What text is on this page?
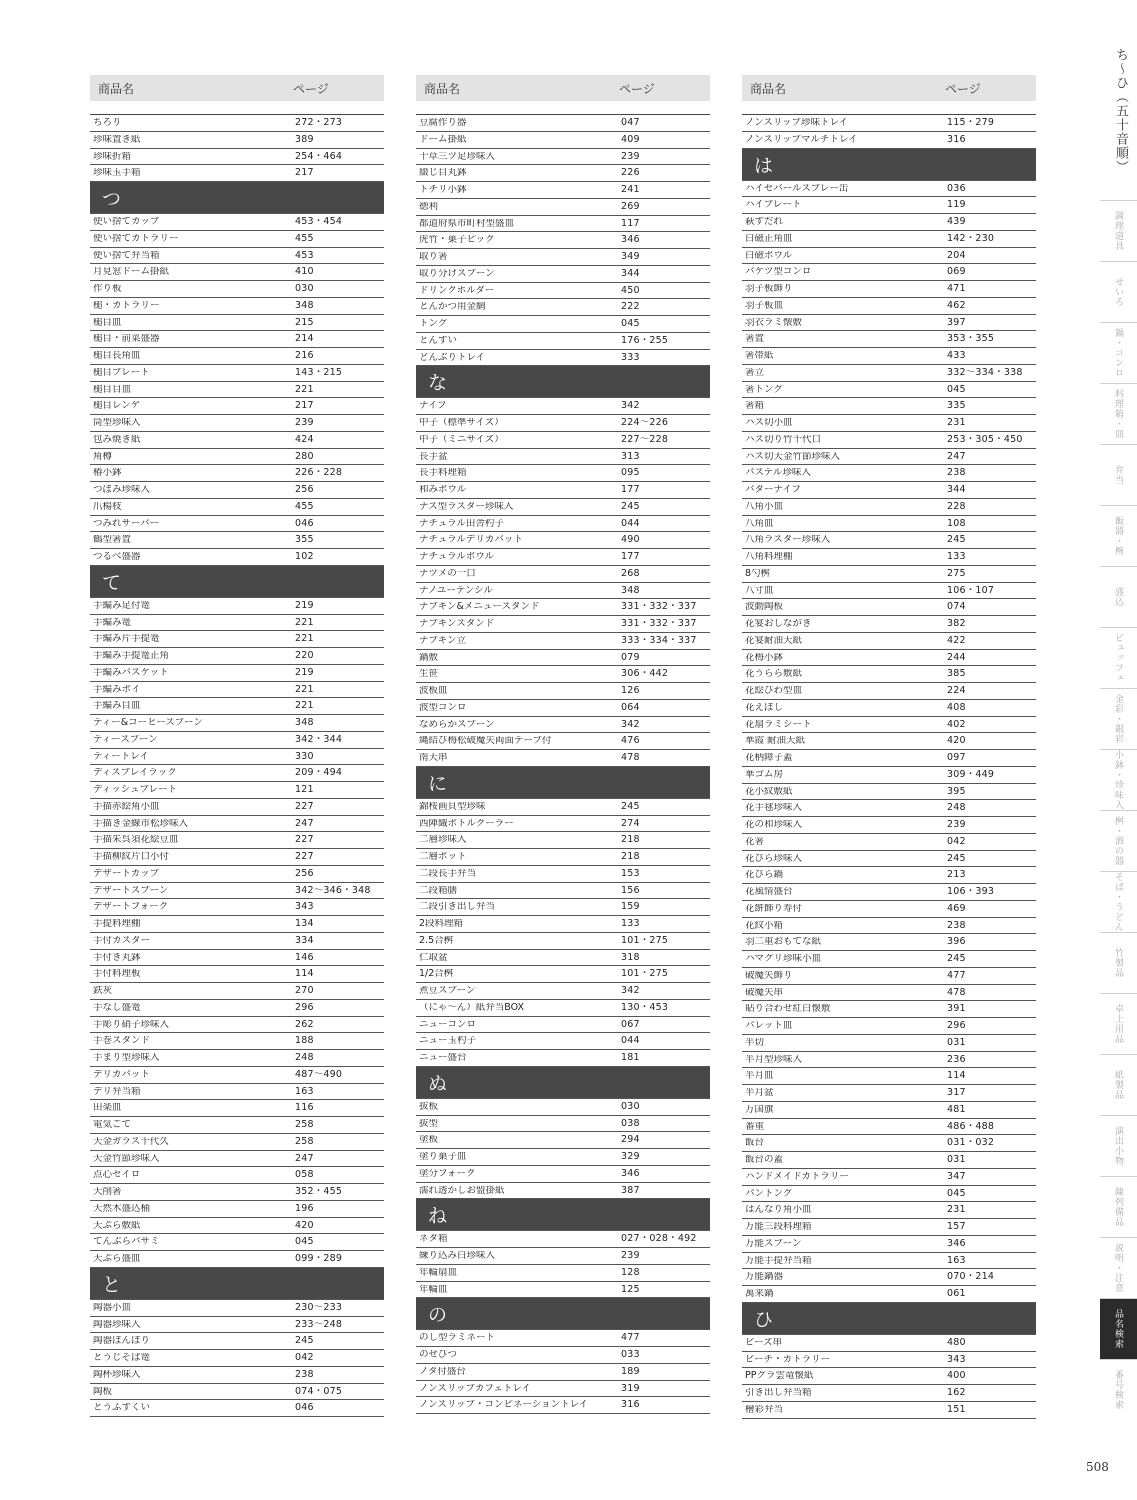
ち〜ひ（五十音順）
商品名	ページ
ちろり	272・273
珍味置き紙	389
珍味折箱	254・464
珍味玉手箱	217
つ
使い捨てカップ	453・454
使い捨てカトラリー	455
使い捨て弁当箱	453
月見窓ドーム掛紙	410
作り板	030
槌・カトラリー	348
槌目皿	215
槌目・前菜盛器	214
槌目長角皿	216
槌目プレート	143・215
槌目目皿	221
槌目レンゲ	217
筒型珍味入	239
包み焼き紙	424
角樽	280
椿小鉢	226・228
つぼみ珍味入	256
爪楊枝	455
つみれサーバー	046
鶴型箸置	355
つるべ盛器	102
て
手編み足付篭	219
手編み篭	221
手編み片手提篭	221
手編み手提篭正角	220
手編みバスケット	219
手編みボイ	221
手編み目皿	221
ティー&コーヒースプーン	348
ティースプーン	342・344
ティートレイ	330
ディスプレイラック	209・494
ディッシュプレート	121
手描赤絵角小皿	227
手描き金線市松珍味入	247
手描朱呉須花絵豆皿	227
手描柳紋片口小付	227
デザートカップ	256
デザートスプーン	342〜346・348
デザートフォーク	343
手提料理棚	134
手付カスター	334
手付き丸鉢	146
手付料理板	114
鉄灰	270
手なし盛篭	296
手彫り硝子珍味入	262
手巻スタンド	188
手まり型珍味入	248
デリカバット	487〜490
デリ弁当箱	163
田楽皿	116
電気ごて	258
天金ガラス千代久	258
天金竹節珍味入	247
点心セイロ	058
天削箸	352・455
天然木盛込桶	196
天ぷら敷紙	420
てんぷらバサミ	045
天ぷら盛皿	099・289
と
陶器小皿	230〜233
陶器珍味入	233〜248
陶器ぼんぼり	245
とうじそば篭	042
陶杯珍味入	238
陶板	074・075
とうふすくい	046
商品名	ページ
豆腐作り器	047
ドーム掛紙	409
十草三ツ足珍味入	239
綴じ目丸鉢	226
トチリ小鉢	241
徳利	269
都道府県市町村型盛皿	117
虎竹・菓子ピック	346
取り箸	349
取り分けスプーン	344
ドリンクホルダー	450
とんかつ用金網	222
トング	045
とんすい	176・255
どんぶりトレイ	333
な
ナイフ	342
中子（標準サイズ）	224〜226
中子（ミニサイズ）	227〜228
長手盆	313
長手料理箱	095
和みボウル	177
ナス型ラスター珍味入	245
ナチュラル田舎杓子	044
ナチュラルデリカバット	490
ナチュラルボウル	177
ナツメの一口	268
ナノユーテンシル	348
ナプキン&メニュースタンド	331・332・337
ナプキンスタンド	331・332・337
ナプキン立	333・334・337
鍋敷	079
生笹	306・442
波板皿	126
波型コンロ	064
なめらかスプーン	342
縄結び梅松破魔矢両面テープ付	476
南天串	478
に
錦桜画貝型珍味	245
西陣織ボトルクーラー	274
二層珍味入	218
二層ポット	218
二段長手弁当	153
二段箱膳	156
二段引き出し弁当	159
2段料理箱	133
2.5合桝	101・275
仁取盆	318
1/2合桝	101・275
煮豆スプーン	342
（にゃ〜ん）紙弁当BOX	130・453
ニューコンロ	067
ニュー玉杓子	044
ニュー盛台	181
ぬ
抜板	030
抜型	038
塗板	294
塗り菓子皿	329
塗分フォーク	346
濡れ透かしお盟掛紙	387
ね
ネタ箱	027・028・492
練り込み白珍味入	239
年輪扇皿	128
年輪皿	125
の
のし型ラミネート	477
のせびつ	033
ノタ付盛台	189
ノンスリップカフェトレイ	319
ノンスリップ・コンビネーショントレイ	316
商品名	ページ
ノンスリップ珍味トレイ	115・279
ノンスリップマルチトレイ	316
は
ハイセバールスプレー缶	036
ハイプレート	119
萩すだれ	439
白磁正角皿	142・230
白磁ボウル	204
バケツ型コンロ	069
羽子板飾り	471
羽子板皿	462
羽衣ラミ懐敷	397
箸置	353・355
箸帯紙	433
箸立	332〜334・338
箸トング	045
箸箱	335
ハス切小皿	231
ハス切り竹千代口	253・305・450
ハス切天金竹節珍味入	247
パステル珍味入	238
バターナイフ	344
八角小皿	228
八角皿	108
八角ラスター珍味入	245
八角料理棚	133
8勺桝	275
八寸皿	106・107
波動陶板	074
花宴おしながき	382
花宴耐油天紙	422
花梅小鉢	244
花うらら敷紙	385
花絵びわ型皿	224
花えぼし	408
花扇ラミシート	402
華霞 耐油天紙	420
花柄障子蓋	097
華ゴム房	309・449
花小紋敷紙	395
花手毬珍味入	248
花の和珍味入	239
花箸	042
花びら珍味入	245
花びら鍋	213
花風情盛台	106・393
花餅飾り寿付	469
花紋小箱	238
羽二重おもてな紙	396
ハマグリ珍味小皿	245
破魔矢飾り	477
破魔矢串	478
貼り合わせ紅白懐敷	391
パレット皿	296
半切	031
半月型珍味入	236
半月皿	114
半月盆	317
万国旗	481
番重	486・488
飯台	031・032
飯台の蓋	031
ハンドメイドカトラリー	347
パントング	045
はんなり角小皿	231
万能三段料理箱	157
万能スプーン	346
万能手提弁当箱	163
万能鍋器	070・214
萬来鍋	061
ひ
ビーズ串	480
ビーチ・カトラリー	343
PPグラ雲竜懐紙	400
引き出し弁当箱	162
檜彩弁当	151
調理道具
せいろ
鍋・コンロ
料理箱・皿
弁当
飯器・椀
盛込
ビュッフェ
金彩・銀彩
小鉢・珍味入
桝・酒の器
そば・うどん
竹製品
卓上用品
紙製品
演出小物
陳列備品
説明・注意
品名検索
番号検索
508
